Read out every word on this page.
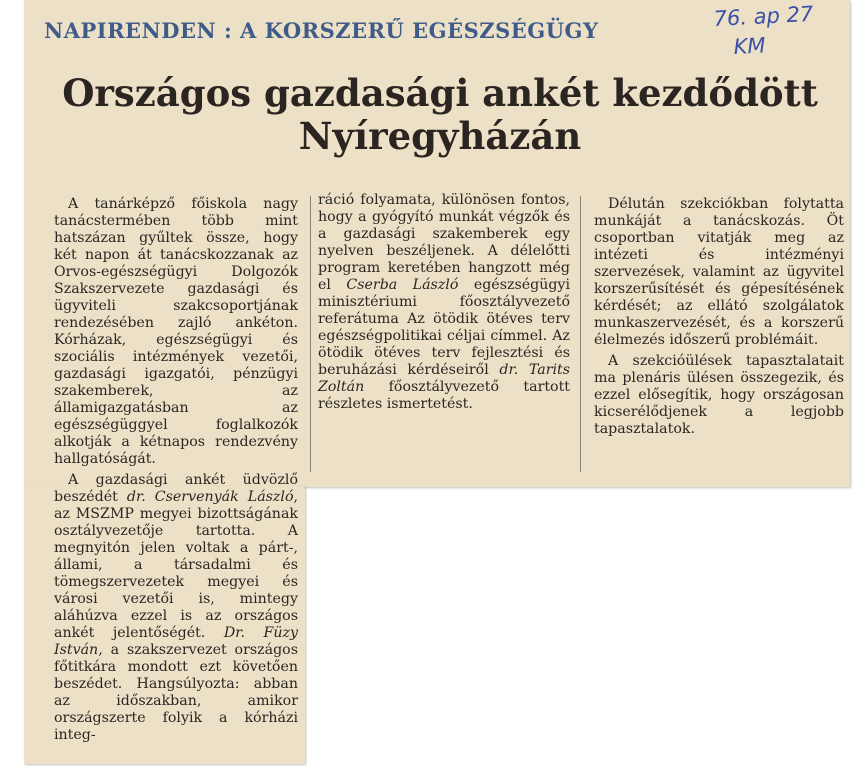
NAPIRENDEN : A KORSZERŰ EGÉSZSÉGÜGY	76. ap 27
KM
Országos gazdasági ankét kezdődött
Nyíregyházán

A tanárképző főiskola nagy tanácstermében több mint hatszázan gyűltek össze, hogy két napon át tanácskozzanak az Orvos-egészségügyi Dolgozók Szakszervezete gazdasági és ügyviteli szakcsoportjának rendezésében zajló ankéton. Kórházak, egészségügyi és szociális intézmények vezetői, gazdasági igazgatói, pénzügyi szakemberek, az államigazgatásban az egészségüggyel foglalkozók alkotják a kétnapos rendezvény hallgatóságát.

A gazdasági ankét üdvözlő beszédét dr. Cservenyák László, az MSZMP megyei bizottságának osztályvezetője tartotta. A megnyitón jelen voltak a párt-, állami, a társadalmi és tömegszervezetek megyei és városi vezetői is, mintegy aláhúzva ezzel is az országos ankét jelentőségét. Dr. Füzy István, a szakszervezet országos főtitkára mondott ezt követően beszédet. Hangsúlyozta: abban az időszakban, amikor országszerte folyik a kórházi integ-

ráció folyamata, különösen fontos, hogy a gyógyító munkát végzők és a gazdasági szakemberek egy nyelven beszéljenek. A délelőtti program keretében hangzott még el Cserba László egészségügyi minisztériumi főosztályvezető referátuma Az ötödik ötéves terv egészségpolitikai céljai címmel. Az ötödik ötéves terv fejlesztési és beruházási kérdéseiről dr. Tarits Zoltán főosztályvezető tartott részletes ismertetést.

Délután szekciókban folytatta munkáját a tanácskozás. Öt csoportban vitatják meg az intézeti és intézményi szervezések, valamint az ügyvitel korszerűsítését és gépesítésének kérdését; az ellátó szolgálatok munkaszervezését, és a korszerű élelmezés időszerű problémáit.

A szekcióülések tapasztalatait ma plenáris ülésen összegezik, és ezzel elősegítik, hogy országosan kicserélődjenek a legjobb tapasztalatok.
